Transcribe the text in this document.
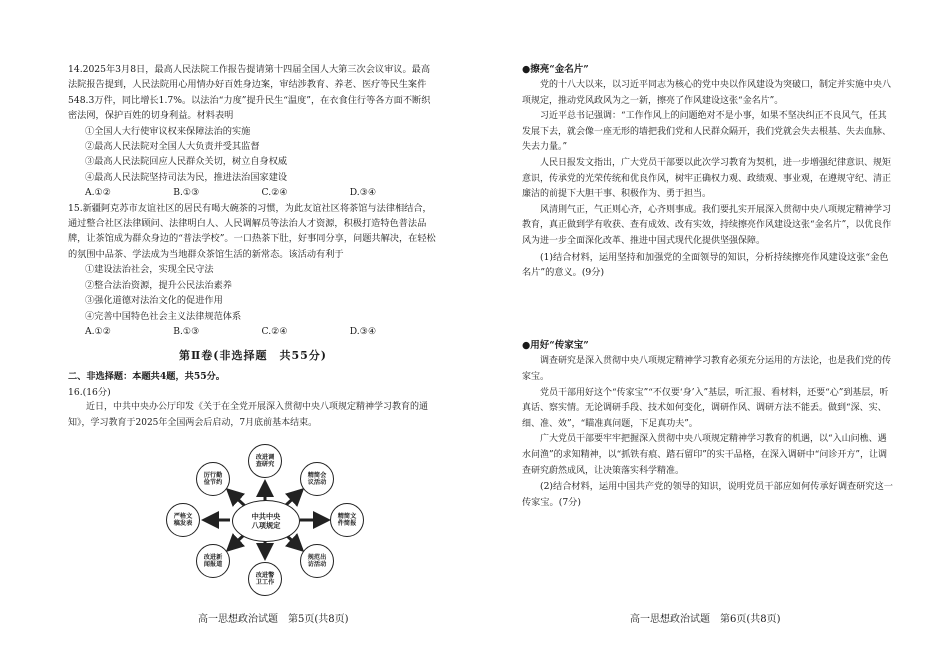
14.2025年3月8日，最高人民法院工作报告提请第十四届全国人大第三次会议审议。最高法院报告提到，人民法院用心用情办好百姓身边案，审结涉教育、养老、医疗等民生案件548.3万件，同比增长1.7%。以法治“力度”提升民生“温度”，在衣食住行等各方面不断织密法网，保护百姓的切身利益。材料表明

①全国人大行使审议权来保障法治的实施

②最高人民法院对全国人大负责并受其监督

③最高人民法院回应人民群众关切，树立自身权威

④最高人民法院坚持司法为民，推进法治国家建设

A.①②	B.①③	C.②④	D.③④

15.新疆阿克苏市友谊社区的居民有喝大碗茶的习惯，为此友谊社区将茶馆与法律相结合，通过整合社区法律顾问、法律明白人、人民调解员等法治人才资源，积极打造特色普法品牌，让茶馆成为群众身边的“普法学校”。一口热茶下肚，好事同分享，问题共解决，在轻松的氛围中品茶、学法成为当地群众茶馆生活的新常态。该活动有利于

①建设法治社会，实现全民守法

②整合法治资源，提升公民法治素养

③强化道德对法治文化的促进作用

④完善中国特色社会主义法律规范体系

A.①②	B.①③	C.②④	D.③④
第Ⅱ卷(非选择题　共55分)

二、非选择题：本题共4题，共55分。

16.(16分)

近日，中共中央办公厅印发《关于在全党开展深入贯彻中央八项规定精神学习教育的通知》，学习教育于2025年全国两会后启动，7月底前基本结束。

中共中央
八项规定
改进调
查研究
精简会
议活动
精简文
件简报
规范出
访活动
改进警
卫工作
改进新
闻报道
严格文
稿发表
厉行勤
俭节约
高一思想政治试题　第5页(共8页)

●擦亮“金名片”

党的十八大以来，以习近平同志为核心的党中央以作风建设为突破口，制定并实施中央八项规定，推动党风政风为之一新，擦亮了作风建设这张“金名片”。

习近平总书记强调：“工作作风上的问题绝对不是小事，如果不坚决纠正不良风气，任其发展下去，就会像一座无形的墙把我们党和人民群众隔开，我们党就会失去根基、失去血脉、失去力量。”

人民日报发文指出，广大党员干部要以此次学习教育为契机，进一步增强纪律意识、规矩意识，传承党的光荣传统和优良作风，树牢正确权力观、政绩观、事业观，在遵规守纪、清正廉洁的前提下大胆干事、积极作为、勇于担当。

风清則气正，气正则心齐，心齐则事成。我们要扎实开展深入贯彻中央八项规定精神学习教育，真正做到学有收获、查有成效、改有实效，持续擦亮作风建设这张“金名片”，以优良作风为进一步全面深化改革、推进中国式现代化提供坚强保障。

(1)结合材料，运用坚持和加强党的全面领导的知识，分析持续擦亮作风建设这张“金色名片”的意义。(9分)

●用好“传家宝”

调查研究是深入贯彻中央八项规定精神学习教育必须充分运用的方法论，也是我们党的传家宝。

党员干部用好这个“传家宝”“不仅要‘身’入”基层，听汇报、看材料，还要“心”到基层，听真话、察实情。无论调研手段、技术如何变化，调研作风、调研方法不能丢。做到“深、实、细、准、效”，“瞄准真问题，下足真功夫”。

广大党员干部要牢牢把握深入贯彻中央八项规定精神学习教育的机遇，以“入山问樵、遇水问渔”的求知精神，以“抓铁有痕、踏石留印”的实干品格，在深入调研中“问诊开方”，让调查研究蔚然成风，让决策落实科学精准。

(2)结合材料，运用中国共产党的领导的知识，说明党员干部应如何传承好调查研究这一传家宝。(7分)

高一思想政治试题　第6页(共8页)
